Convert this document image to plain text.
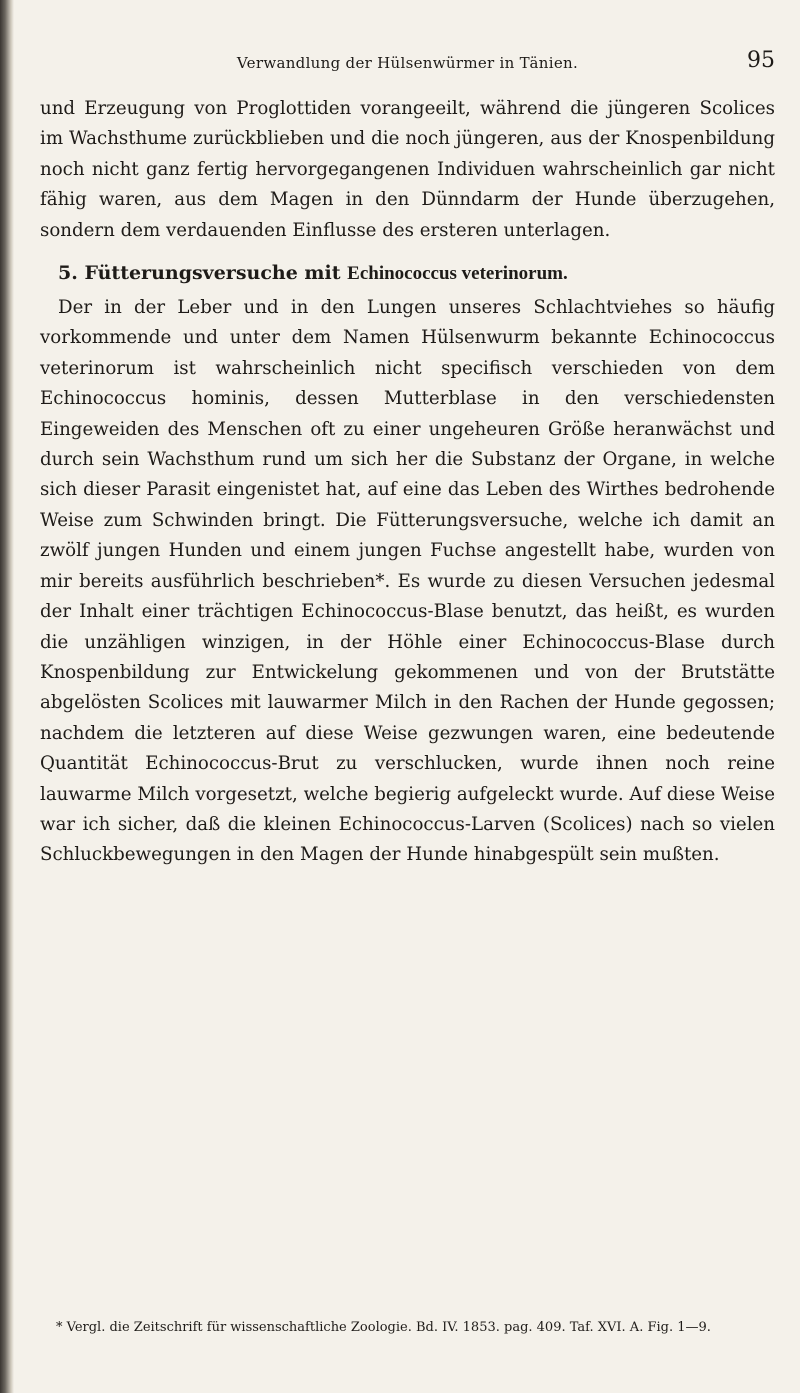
Verwandlung der Hülsenwürmer in Tänien.	95

und Erzeugung von Proglottiden vorangeeilt, während die jüngeren Scolices im Wachsthume zurückblieben und die noch jüngeren, aus der Knospenbildung noch nicht ganz fertig hervorgegangenen Individuen wahrscheinlich gar nicht fähig waren, aus dem Magen in den Dünndarm der Hunde überzugehen, sondern dem verdauenden Einflusse des ersteren unterlagen.

5. Fütterungsversuche mit Echinococcus veterinorum.

Der in der Leber und in den Lungen unseres Schlachtviehes so häufig vorkommende und unter dem Namen Hülsenwurm bekannte Echinococcus veterinorum ist wahrscheinlich nicht specifisch verschieden von dem Echinococcus hominis, dessen Mutterblase in den verschiedensten Eingeweiden des Menschen oft zu einer ungeheuren Größe heranwächst und durch sein Wachsthum rund um sich her die Substanz der Organe, in welche sich dieser Parasit eingenistet hat, auf eine das Leben des Wirthes bedrohende Weise zum Schwinden bringt. Die Fütterungsversuche, welche ich damit an zwölf jungen Hunden und einem jungen Fuchse angestellt habe, wurden von mir bereits ausführlich beschrieben*. Es wurde zu diesen Versuchen jedesmal der Inhalt einer trächtigen Echinococcus-Blase benutzt, das heißt, es wurden die unzähligen winzigen, in der Höhle einer Echinococcus-Blase durch Knospenbildung zur Entwickelung gekommenen und von der Brutstätte abgelösten Scolices mit lauwarmer Milch in den Rachen der Hunde gegossen; nachdem die letzteren auf diese Weise gezwungen waren, eine bedeutende Quantität Echinococcus-Brut zu verschlucken, wurde ihnen noch reine lauwarme Milch vorgesetzt, welche begierig aufgeleckt wurde. Auf diese Weise war ich sicher, daß die kleinen Echinococcus-Larven (Scolices) nach so vielen Schluckbewegungen in den Magen der Hunde hinabgespült sein mußten.

* Vergl. die Zeitschrift für wissenschaftliche Zoologie. Bd. IV. 1853. pag. 409. Taf. XVI. A. Fig. 1—9.
